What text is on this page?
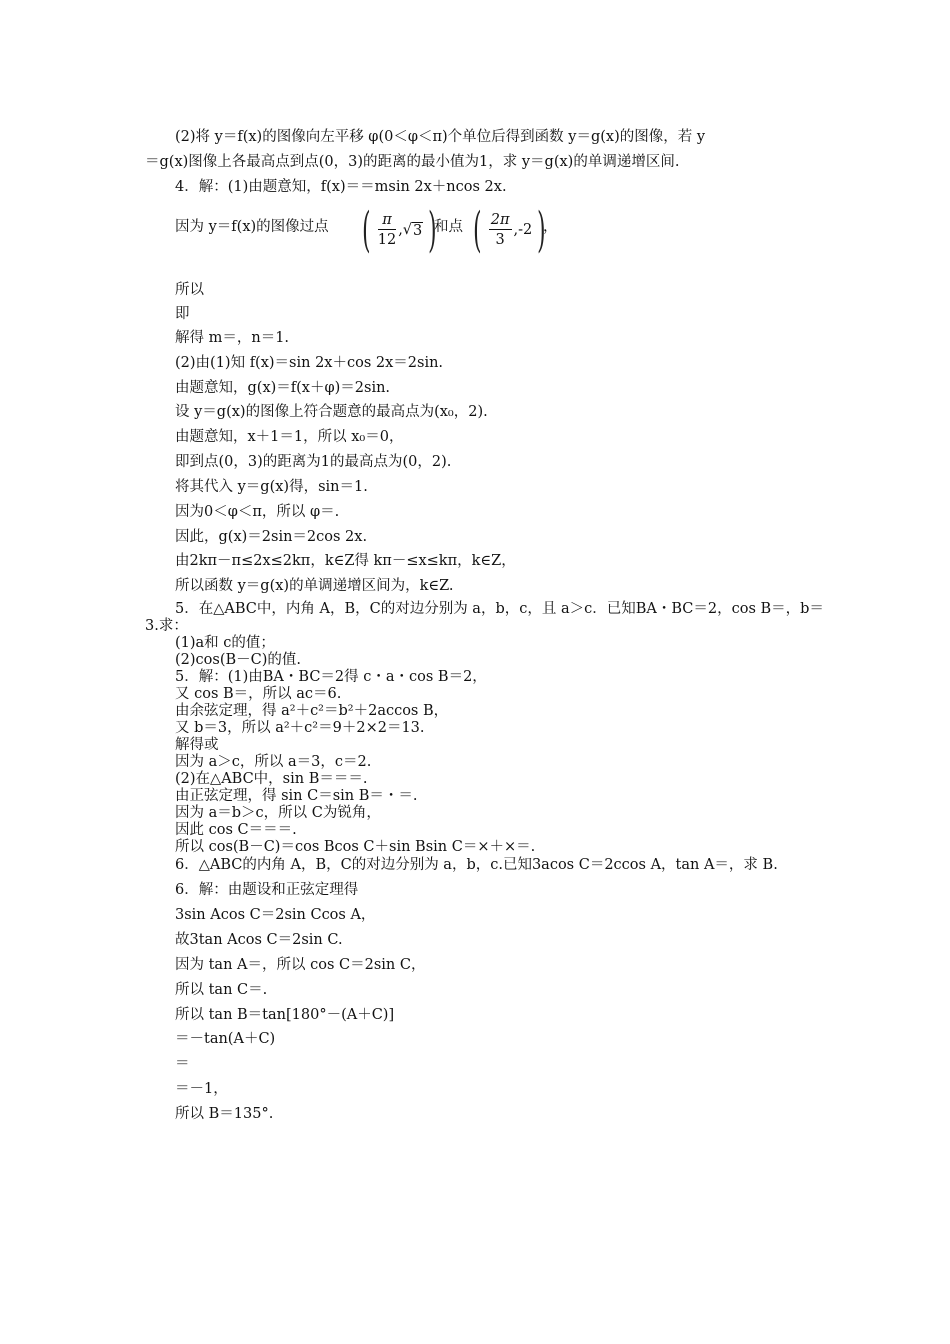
(2)将 y＝f(x)的图像向左平移 φ(0＜φ＜π)个单位后得到函数 y＝g(x)的图像，若 y
＝g(x)图像上各最高点到点(0，3)的距离的最小值为1，求 y＝g(x)的单调递增区间.
4．解：(1)由题意知，f(x)＝＝msin 2x＋ncos 2x.
所以
即
解得 m＝，n＝1.
(2)由(1)知 f(x)＝sin 2x＋cos 2x＝2sin.
由题意知，g(x)＝f(x＋φ)＝2sin.
设 y＝g(x)的图像上符合题意的最高点为(x₀，2).
由题意知，x＋1＝1，所以 x₀＝0，
即到点(0，3)的距离为1的最高点为(0，2).
将其代入 y＝g(x)得，sin＝1.
因为0＜φ＜π，所以 φ＝.
因此，g(x)＝2sin＝2cos 2x.
由2kπ－π≤2x≤2kπ，k∈Z得 kπ－≤x≤kπ，k∈Z，
所以函数 y＝g(x)的单调递增区间为，k∈Z.
5．在△ABC中，内角 A，B，C的对边分别为 a，b，c，且 a＞c．已知BA・BC＝2，cos B＝，b＝
3.求：
(1)a和 c的值；
(2)cos(B－C)的值.
5．解：(1)由BA・BC＝2得 c・a・cos B＝2，
又 cos B＝，所以 ac＝6.
由余弦定理，得 a²＋c²＝b²＋2accos B，
又 b＝3，所以 a²＋c²＝9＋2×2＝13.
解得或
因为 a＞c，所以 a＝3，c＝2.
(2)在△ABC中，sin B＝＝＝.
由正弦定理，得 sin C＝sin B＝・＝.
因为 a＝b＞c，所以 C为锐角，
因此 cos C＝＝＝.
所以 cos(B－C)＝cos Bcos C＋sin Bsin C＝×＋×＝.
6．△ABC的内角 A，B，C的对边分别为 a，b，c.已知3acos C＝2ccos A，tan A＝，求 B.
6．解：由题设和正弦定理得
3sin Acos C＝2sin Ccos A，
故3tan Acos C＝2sin C.
因为 tan A＝，所以 cos C＝2sin C，
所以 tan C＝.
所以 tan B＝tan[180°－(A＋C)]
＝－tan(A＋C)
＝
＝－1，
所以 B＝135°.
因为 y＝f(x)的图像过点 ( $\frac{\pi}{12}$ , √ 3 )
和点 ( $\frac{2\pi}{3} ,-2$ )
，
